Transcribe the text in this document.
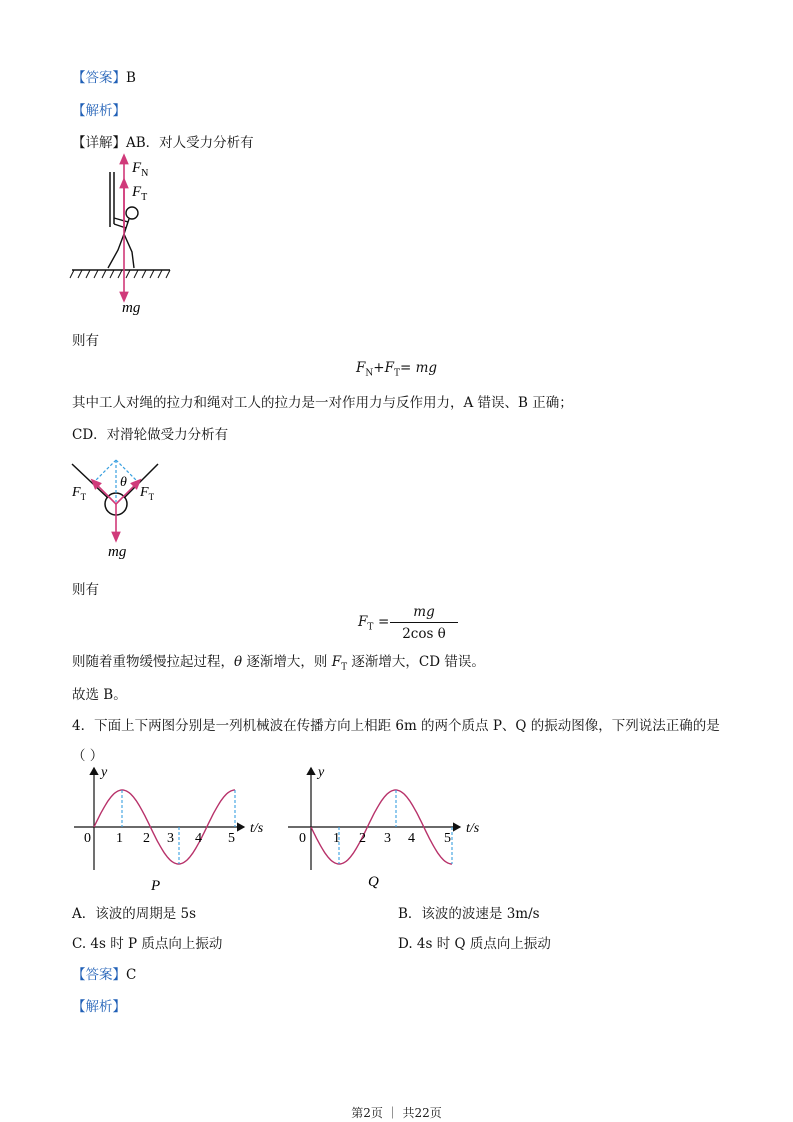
【答案】B
【解析】
【详解】AB．对人受力分析有
$F_N$
$F_T$
mg
则有
$F_N+F_T=$ mg
其中工人对绳的拉力和绳对工人的拉力是一对作用力与反作用力，A 错误、B 正确；
CD．对滑轮做受力分析有
$F_T$	$F_T$
θ
mg
则有
$F_T$ =
mg
2cos θ
则随着重物缓慢拉起过程，θ 逐渐增大，则 $F_T$ 逐渐增大，CD 错误。
故选 B。
4．下面上下两图分别是一列机械波在传播方向上相距 6m 的两个质点 P、Q 的振动图像，下列说法正确的是
（ ）
y
t/s
0 1 2 3 4 5
P
y
t/s
0 1 2 3 4 5
Q
A．该波的周期是 5s	B．该波的波速是 3m/s
C. 4s 时 P 质点向上振动	D. 4s 时 Q 质点向上振动
【答案】C
【解析】
第2页 ｜ 共22页
